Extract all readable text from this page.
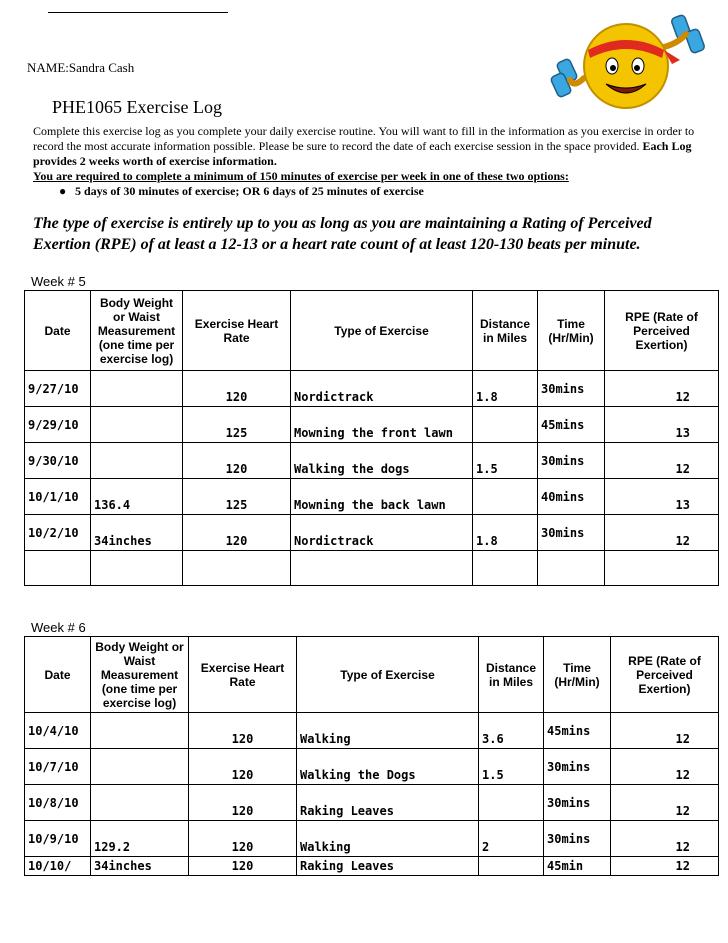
NAME:Sandra Cash
PHE1065 Exercise Log

Complete this exercise log as you complete your daily exercise routine. You will want to fill in the information as you exercise in order to record the most accurate information possible. Please be sure to record the date of each exercise session in the space provided. Each Log provides 2 weeks worth of exercise information.

You are required to complete a minimum of 150 minutes of exercise per week in one of these two options:

● 5 days of 30 minutes of exercise; OR 6 days of 25 minutes of exercise
The type of exercise is entirely up to you as long as you are maintaining a Rating of Perceived Exertion (RPE) of at least a 12-13 or a heart rate count of at least 120-130 beats per minute.
Week # 5
Date	Body Weight or Waist Measurement (one time per exercise log)	Exercise Heart Rate	Type of Exercise	Distance in Miles	Time (Hr/Min)	RPE (Rate of Perceived Exertion)
9/27/10		120	Nordictrack	1.8	30mins	12
9/29/10		125	Mowning the front lawn		45mins	13
9/30/10		120	Walking the dogs	1.5	30mins	12
10/1/10	136.4	125	Mowning the back lawn		40mins	13
10/2/10	34inches	120	Nordictrack	1.8	30mins	12

Week # 6
Date	Body Weight or Waist Measurement (one time per exercise log)	Exercise Heart Rate	Type of Exercise	Distance in Miles	Time (Hr/Min)	RPE (Rate of Perceived Exertion)
10/4/10		120	Walking	3.6	45mins	12
10/7/10		120	Walking the Dogs	1.5	30mins	12
10/8/10		120	Raking Leaves		30mins	12
10/9/10	129.2	120	Walking	2	30mins	12
10/10/	34inches	120	Raking Leaves		45min	12
